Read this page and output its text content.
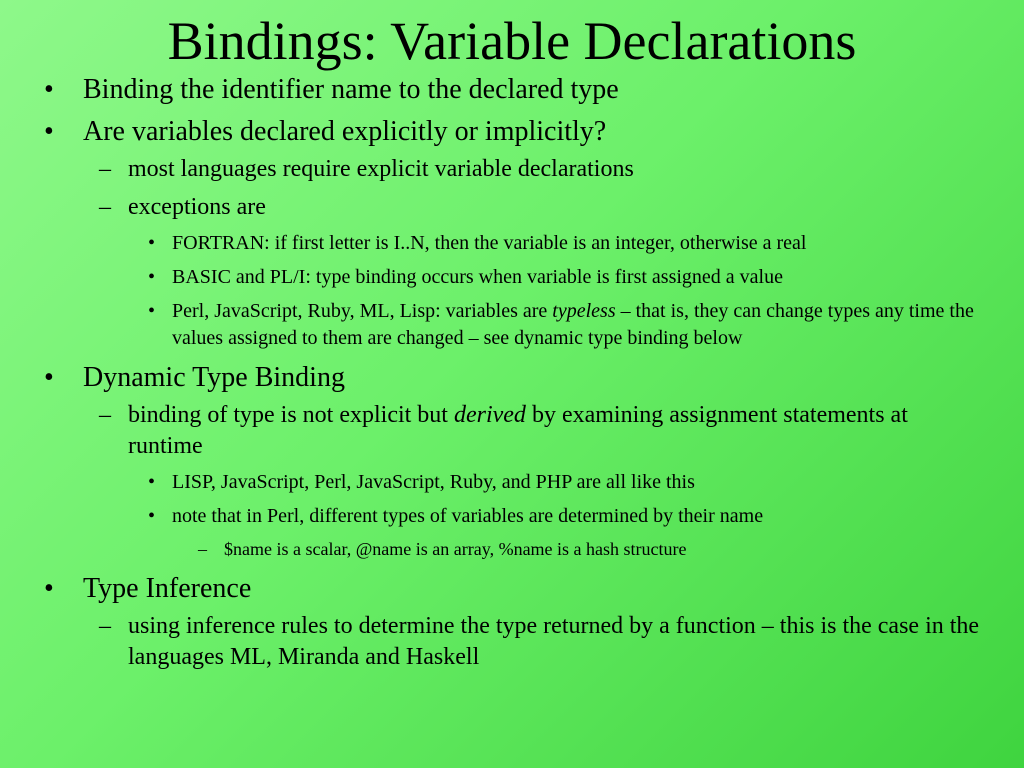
Bindings: Variable Declarations
• Binding the identifier name to the declared type
• Are variables declared explicitly or implicitly?
– most languages require explicit variable declarations
– exceptions are
• FORTRAN: if first letter is I..N, then the variable is an integer, otherwise a real
• BASIC and PL/I: type binding occurs when variable is first assigned a value
• Perl, JavaScript, Ruby, ML, Lisp: variables are typeless – that is, they can change types any time the values assigned to them are changed – see dynamic type binding below
• Dynamic Type Binding
– binding of type is not explicit but derived by examining assignment statements at runtime
• LISP, JavaScript, Perl, JavaScript, Ruby, and PHP are all like this
• note that in Perl, different types of variables are determined by their name
– $name is a scalar, @name is an array, %name is a hash structure
• Type Inference
– using inference rules to determine the type returned by a function – this is the case in the languages ML, Miranda and Haskell
